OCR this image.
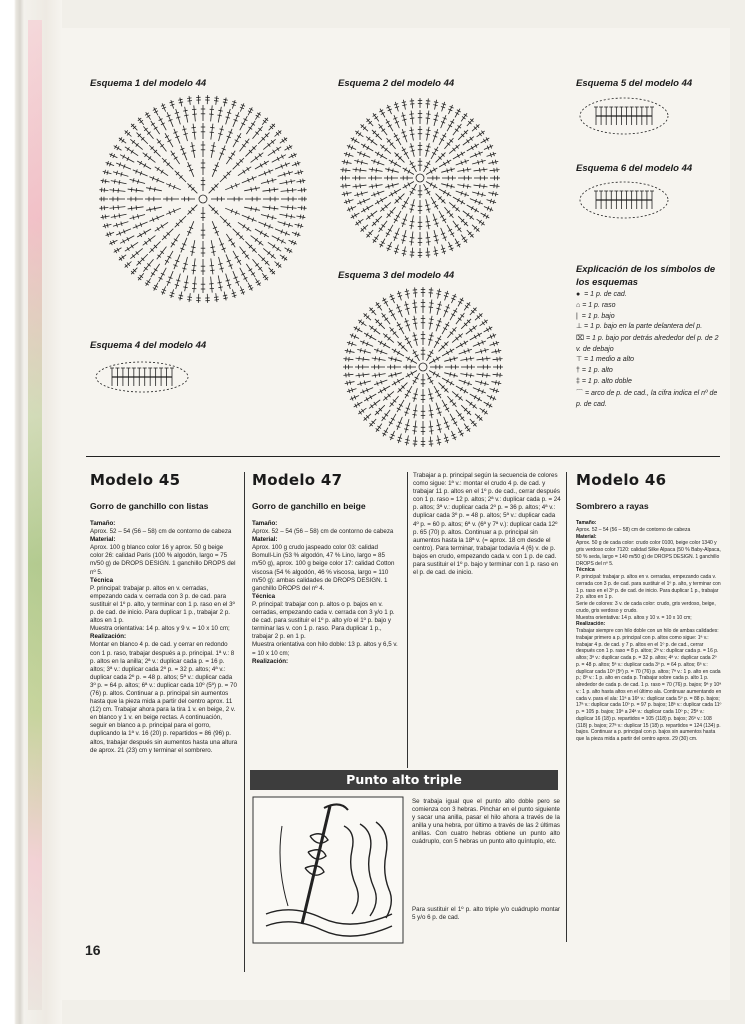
Esquema 1 del modelo 44	Esquema 2 del modelo 44
Esquema 3 del modelo 44
Esquema 4 del modelo 44
Esquema 5 del modelo 44
Esquema 6 del modelo 44
Explicación de los símbolos de los esquemas
●  = 1 p. de cad.
⌂ = 1 p. raso
|  = 1 p. bajo
⊥ = 1 p. bajo en la parte delantera del p.
⌧ = 1 p. bajo por detrás alrededor del p. de 2 v. de debajo
⊤ = 1 medio a alto
† = 1 p. alto
‡ = 1 p. alto doble
⌒ = arco de p. de cad., la cifra indica el nº de p. de cad.
Modelo 45
Gorro de ganchillo con listas

Tamaño:

Aprox. 52 – 54 (56 – 58) cm de contorno de cabeza

Material:

Aprox. 100 g blanco color 16 y aprox. 50 g beige color 26: calidad Paris (100 % algodón, largo = 75 m/50 g) de DROPS DESIGN. 1 ganchillo DROPS del nº 5.

Técnica

P. principal: trabajar p. altos en v. cerradas, empezando cada v. cerrada con 3 p. de cad. para sustituir el 1º p. alto, y terminar con 1 p. raso en el 3º p. de cad. de inicio. Para duplicar 1 p., trabajar 2 p. altos en 1 p.

Muestra orientativa: 14 p. altos y 9 v. = 10 x 10 cm;

Realización:

Montar en blanco 4 p. de cad. y cerrar en redondo con 1 p. raso, trabajar después a p. principal. 1ª v.: 8 p. altos en la anilla; 2ª v.: duplicar cada p. = 16 p. altos; 3ª v.: duplicar cada 2º p. = 32 p. altos; 4ª v.: duplicar cada 2º p. = 48 p. altos; 5ª v.: duplicar cada 3º p. = 64 p. altos; 6ª v.: duplicar cada 10º (5º) p. = 70 (76) p. altos. Continuar a p. principal sin aumentos hasta que la pieza mida a partir del centro aprox. 11 (12) cm. Trabajar ahora para la tira 1 v. en beige, 2 v. en blanco y 1 v. en beige rectas. A continuación, seguir en blanco a p. principal para el gorro, duplicando la 1ª v. 16 (20) p. repartidos = 86 (96) p. altos, trabajar después sin aumentos hasta una altura de aprox. 21 (23) cm y terminar el sombrero.

Modelo 47
Gorro de ganchillo en beige

Tamaño:

Aprox. 52 – 54 (56 – 58) cm de contorno de cabeza

Material:

Aprox. 100 g crudo jaspeado color 03: calidad Bomull-Lin (53 % algodón, 47 % Lino, largo = 85 m/50 g), aprox. 100 g beige color 17: calidad Cotton viscosa (54 % algodón, 46 % viscosa, largo = 110 m/50 g): ambas calidades de DROPS DESIGN. 1 ganchillo DROPS del nº 4.

Técnica

P. principal: trabajar con p. altos o p. bajos en v. cerradas, empezando cada v. cerrada con 3 y/o 1 p. de cad. para sustituir el 1º p. alto y/o el 1º p. bajo y terminar las v. con 1 p. raso. Para duplicar 1 p., trabajar 2 p. en 1 p.

Muestra orientativa con hilo doble: 13 p. altos y 6,5 v. = 10 x 10 cm;

Realización:

Trabajar a p. principal según la secuencia de colores como sigue: 1ª v.: montar el crudo 4 p. de cad. y trabajar 11 p. altos en el 1º p. de cad., cerrar después con 1 p. raso = 12 p. altos; 2ª v.: duplicar cada p. = 24 p. altos; 3ª v.: duplicar cada 2º p. = 36 p. altos; 4ª v.: duplicar cada 3º p. = 48 p. altos; 5ª v.: duplicar cada 4º p. = 60 p. altos; 6ª v. (6ª y 7ª v.): duplicar cada 12º p. 65 (70) p. altos. Continuar a p. principal sin aumentos hasta la 18ª v. (= aprox. 18 cm desde el centro). Para terminar, trabajar todavía 4 (6) v. de p. bajos en crudo, empezando cada v. con 1 p. de cad. para sustituir el 1º p. bajo y terminar con 1 p. raso en el p. de cad. de inicio.

Modelo 46
Sombrero a rayas

Tamaño:

Aprox. 52 – 54 (56 – 58) cm de contorno de cabeza

Material:

Aprox. 50 g de cada color: crudo color 0100, beige color 1340 y gris verdoso color 7120: calidad Silke Alpaca (50 % Baby-Alpaca, 50 % seda, largo = 140 m/50 g) de DROPS DESIGN. 1 ganchillo DROPS del nº 5.

Técnica

P. principal: trabajar p. altos en v. cerradas, empezando cada v. cerrada con 3 p. de cad. para sustituir el 1º p. alto, y terminar con 1 p. raso en el 3º p. de cad. de inicio. Para duplicar 1 p., trabajar 2 p. altos en 1 p.

Serie de colores: 3 v. de cada color: crudo, gris verdoso, beige, crudo, gris verdoso y crudo.

Muestra orientativa: 14 p. altos y 10 v. = 10 x 10 cm;

Realización:

Trabajar siempre con hilo doble con un hilo de ambas calidades: trabajar primero a p. principal con p. altos como sigue: 1ª v.: trabajar 4 p. de cad. y 7 p. altos en el 1º p. de cad., cerrar después con 1 p. raso = 8 p. altos; 2ª v.: duplicar cada p. = 16 p. altos; 3ª v.: duplicar cada p. = 32 p. altos; 4ª v.: duplicar cada 2º p. = 48 p. altos; 5ª v.: duplicar cada 3º p. = 64 p. altos; 6ª v.: duplicar cada 10º (5º) p. = 70 (76) p. altos; 7ª v.: 1 p. alto en cada p.; 8ª v.: 1 p. alto en cada p. Trabajar sobre cada p. alto 1 p. alrededor de cada p. de cad. 1 p. raso = 70 (76) p. bajos; 9ª y 10ª v.: 1 p. alto hasta altos en el último ala. Continuar aumentando en cada v. para el ala: 11ª a 16ª v.: duplicar cada 5º p. = 88 p. bajos; 17ª v.: duplicar cada 10º p. = 97 p. bajos; 18ª v.: duplicar cada 11º p. = 105 p. bajos; 19ª a 24ª v.: duplicar cada 10º p.; 25ª v.: duplicar 16 (18) p. repartidos = 105 (118) p. bajos; 26ª v.: 108 (118) p. bajos; 27ª v.: duplicar 15 (18) p. repartidos = 124 (134) p. bajos. Continuar a p. principal con p. bajos sin aumentos hasta que la pieza mida a partir del centro aprox. 29 (30) cm.

Punto alto triple
Se trabaja igual que el punto alto doble pero se comienza con 3 hebras. Pinchar en el punto siguiente y sacar una anilla, pasar el hilo ahora a través de la anilla y una hebra, por último a través de las 2 últimas anillas. Con cuatro hebras obtiene un punto alto cuádruplo, con 5 hebras un punto alto quíntuplo, etc.
Para sustituir el 1º p. alto triple y/o cuádruplo montar 5 y/o 6 p. de cad.
16
